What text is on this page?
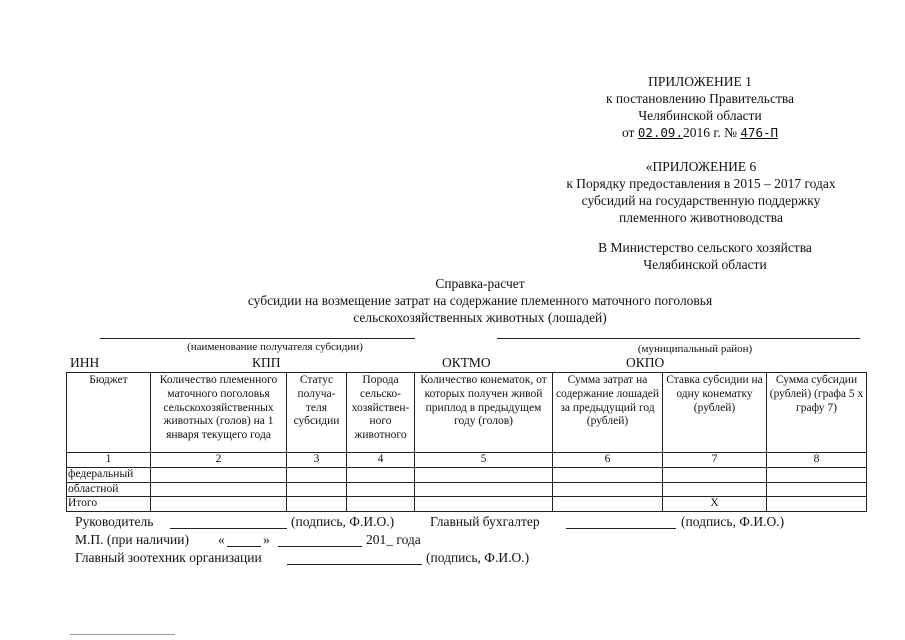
ПРИЛОЖЕНИЕ 1
к постановлению Правительства
Челябинской области
от 02.09.2016 г. № 476-П
«ПРИЛОЖЕНИЕ 6
к Порядку предоставления в 2015 – 2017 годах
субсидий на государственную поддержку
племенного животноводства
В Министерство сельского хозяйства
Челябинской области
Справка-расчет
субсидии на возмещение затрат на содержание племенного маточного поголовья
сельскохозяйственных животных (лошадей)
(наименование получателя субсидии)	(муниципальный район)
ИНН	КПП	ОКТМО	ОКПО
Бюджет	Количество племенного маточного поголовья сельскохозяйственных животных (голов) на 1 января текущего года	Статус получа-теля субсидии	Порода сельско-хозяйствен-ного животного	Количество конематок, от которых получен живой приплод в предыдущем году (голов)	Сумма затрат на содержание лошадей за предыдущий год (рублей)	Ставка субсидии на одну конематку (рублей)	Сумма субсидии (рублей) (графа 5 х графу 7)
1	2	3	4	5	6	7	8
федеральный							
областной							
Итого						X	
Руководитель	(подпись, Ф.И.О.)	Главный бухгалтер	(подпись, Ф.И.О.)
М.П. (при наличии) «	»	201_ года
Главный зоотехник организации	(подпись, Ф.И.О.)
